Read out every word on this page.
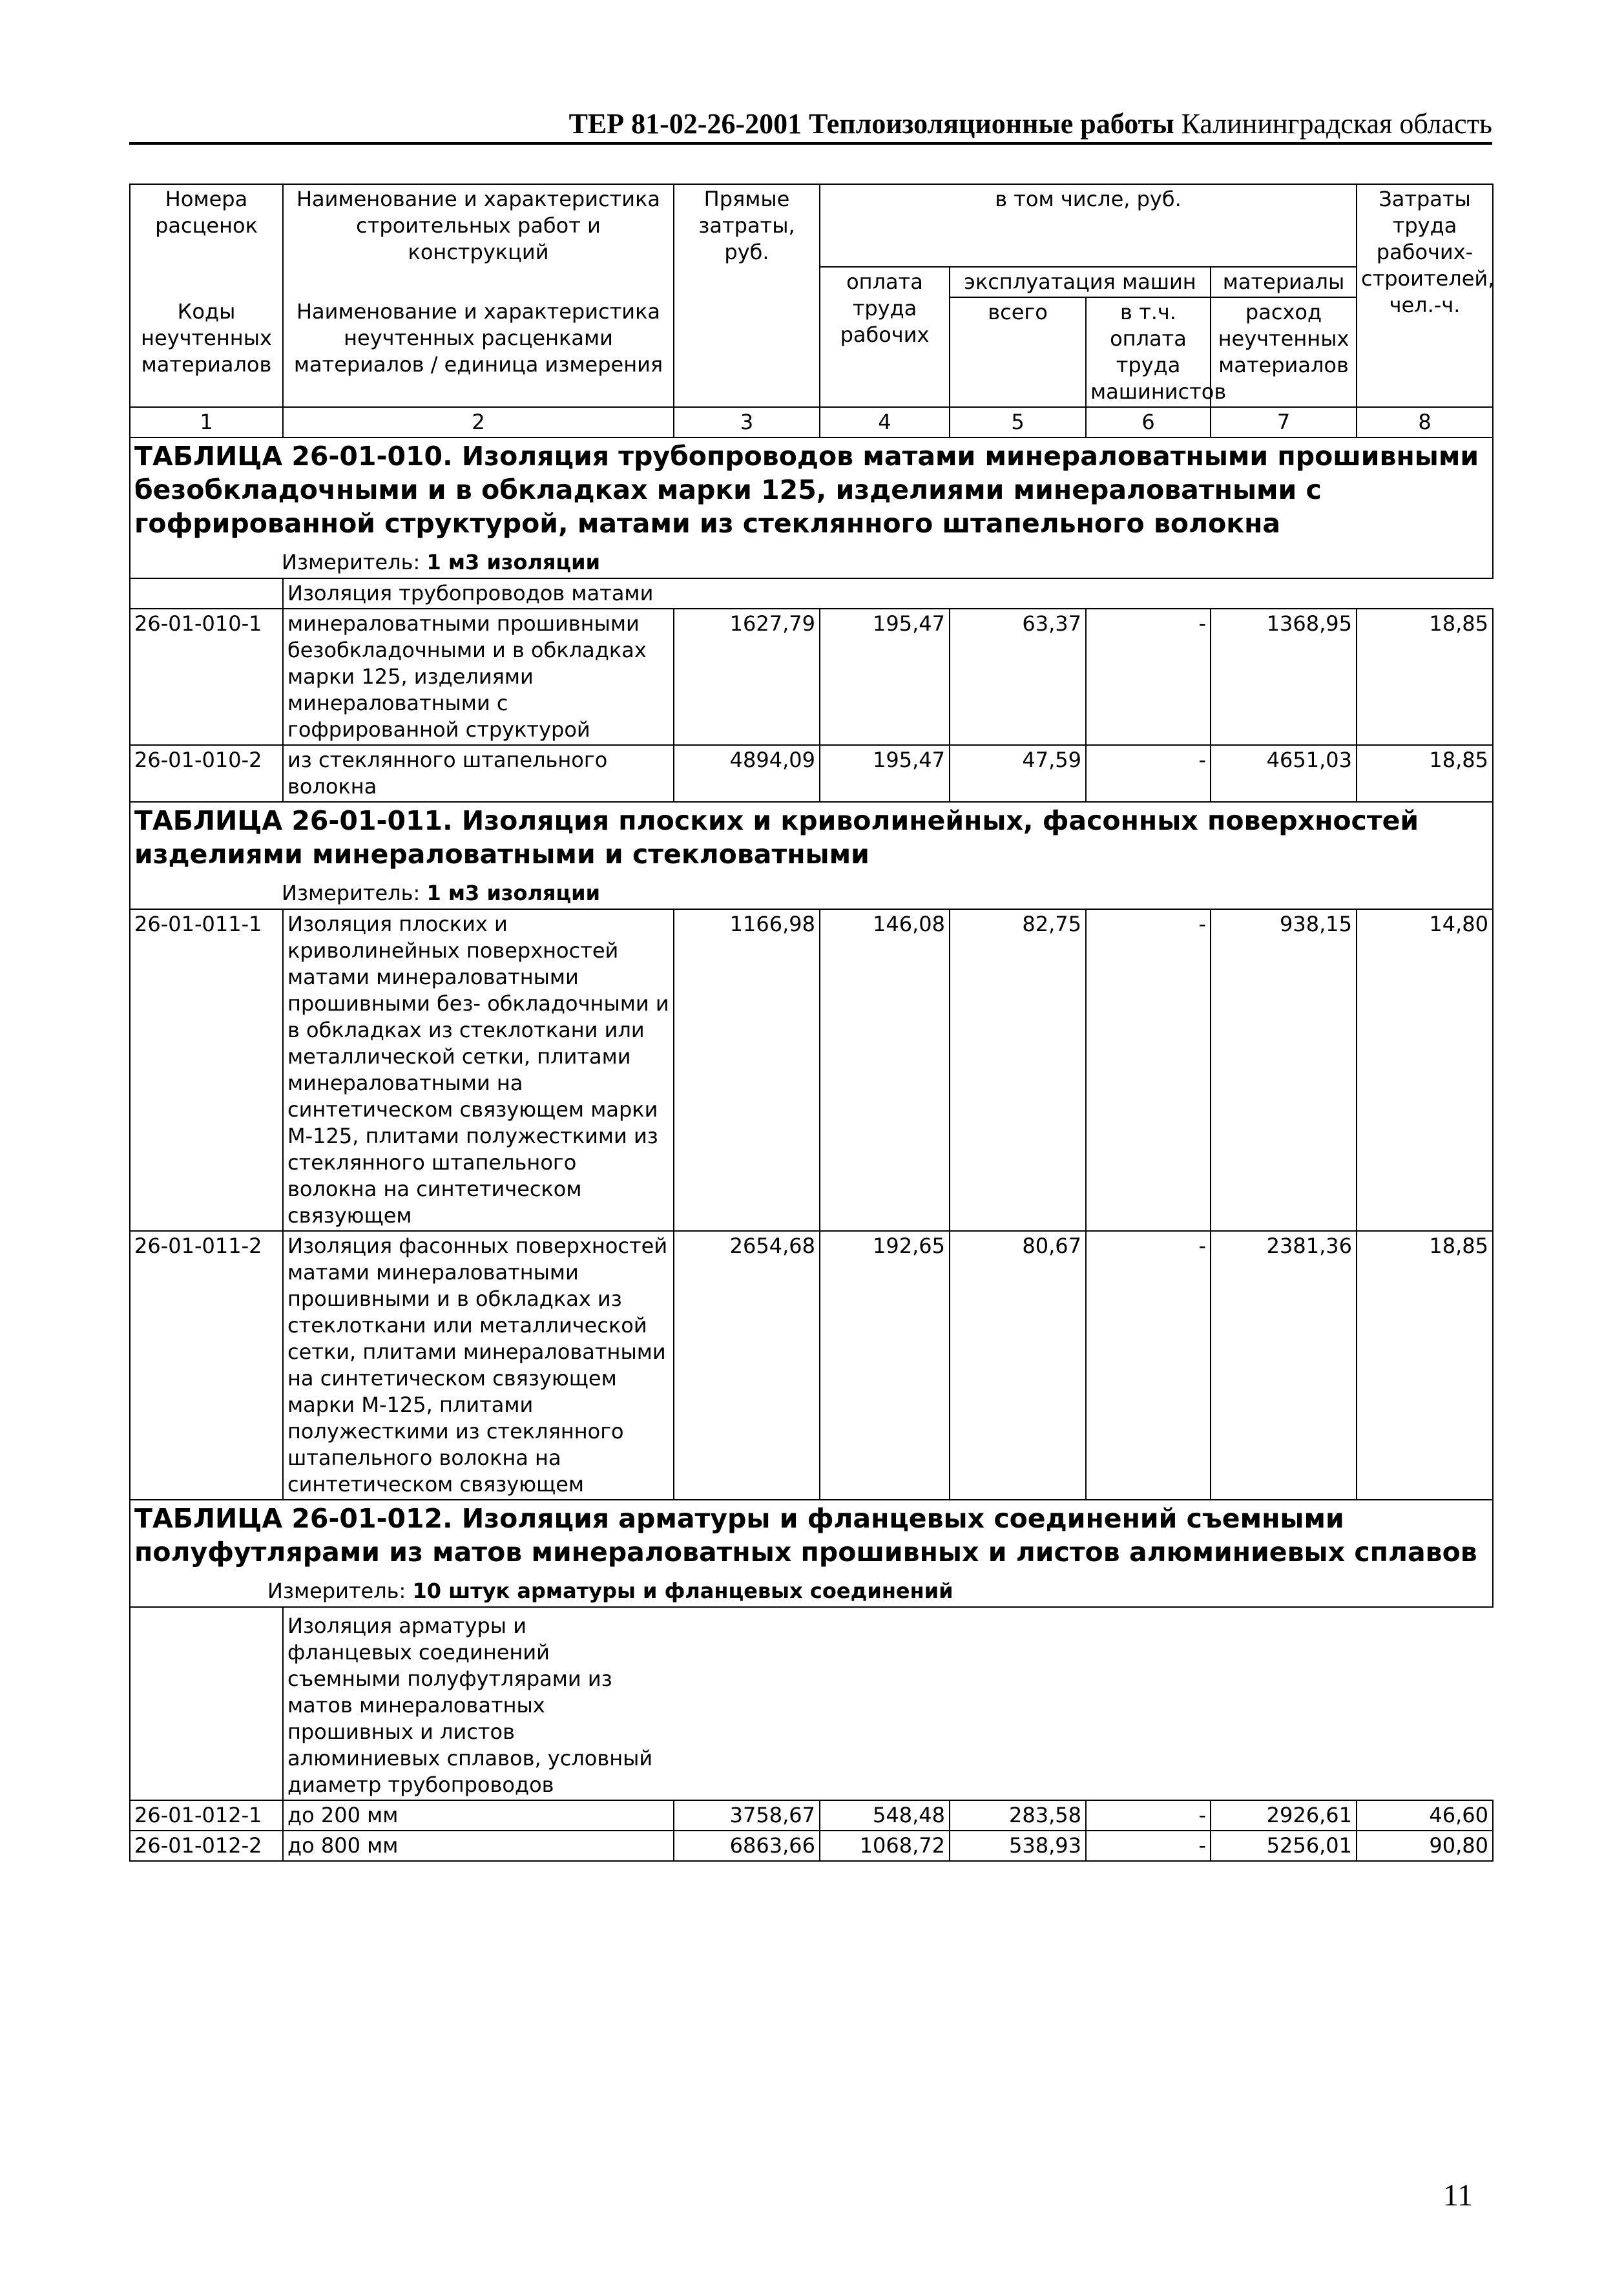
ТЕР 81-02-26-2001 Теплоизоляционные работы Калининградская область
Номера расценок	Наименование и характеристика строительных работ и конструкций	Прямые затраты, руб.	в том числе, руб.				Затраты труда рабочих-строителей, чел.-ч.
			оплата труда рабочих	эксплуатация машин		материалы	
Коды неучтенных материалов	Наименование и характеристика неучтенных расценками материалов / единица измерения			всего	в т.ч. оплата труда машинистов	расход неучтенных материалов	

1	2	3	4	5	6	7	8

ТАБЛИЦА 26-01-010. Изоляция трубопроводов матами минераловатными прошивными безобкладочными и в обкладках марки 125, изделиями минераловатными с гофрированной структурой, матами из стеклянного штапельного волокна
Измеритель: 1 м3 изоляции							

	Изоляция трубопроводов матами						
26-01-010-1	минераловатными прошивными безобкладочными и в обкладках марки 125, изделиями минераловатными с гофрированной структурой	1627,79	195,47	63,37	-	1368,95	18,85
26-01-010-2	из стеклянного штапельного волокна	4894,09	195,47	47,59	-	4651,03	18,85

ТАБЛИЦА 26-01-011. Изоляция плоских и криволинейных, фасонных поверхностей изделиями минераловатными и стекловатными
Измеритель: 1 м3 изоляции							

26-01-011-1	Изоляция плоских и криволинейных поверхностей матами минераловатными прошивными без- обкладочными и в обкладках из стеклоткани или металлической сетки, плитами минераловатными на синтетическом связующем марки М-125, плитами полужесткими из стеклянного штапельного волокна на синтетическом связующем	1166,98	146,08	82,75	-	938,15	14,80
26-01-011-2	Изоляция фасонных поверхностей матами минераловатными прошивными и в обкладках из стеклоткани или металлической сетки, плитами минераловатными на синтетическом связующем марки М-125, плитами полужесткими из стеклянного штапельного волокна на синтетическом связующем	2654,68	192,65	80,67	-	2381,36	18,85

ТАБЛИЦА 26-01-012. Изоляция арматуры и фланцевых соединений съемными полуфутлярами из матов минераловатных прошивных и листов алюминиевых сплавов
Измеритель: 10 штук арматуры и фланцевых соединений							

	Изоляция арматуры и фланцевых соединений съемными полуфутлярами из матов минераловатных прошивных и листов алюминиевых сплавов, условный диаметр трубопроводов						
26-01-012-1	до 200 мм	3758,67	548,48	283,58	-	2926,61	46,60
26-01-012-2	до 800 мм	6863,66	1068,72	538,93	-	5256,01	90,80
11
